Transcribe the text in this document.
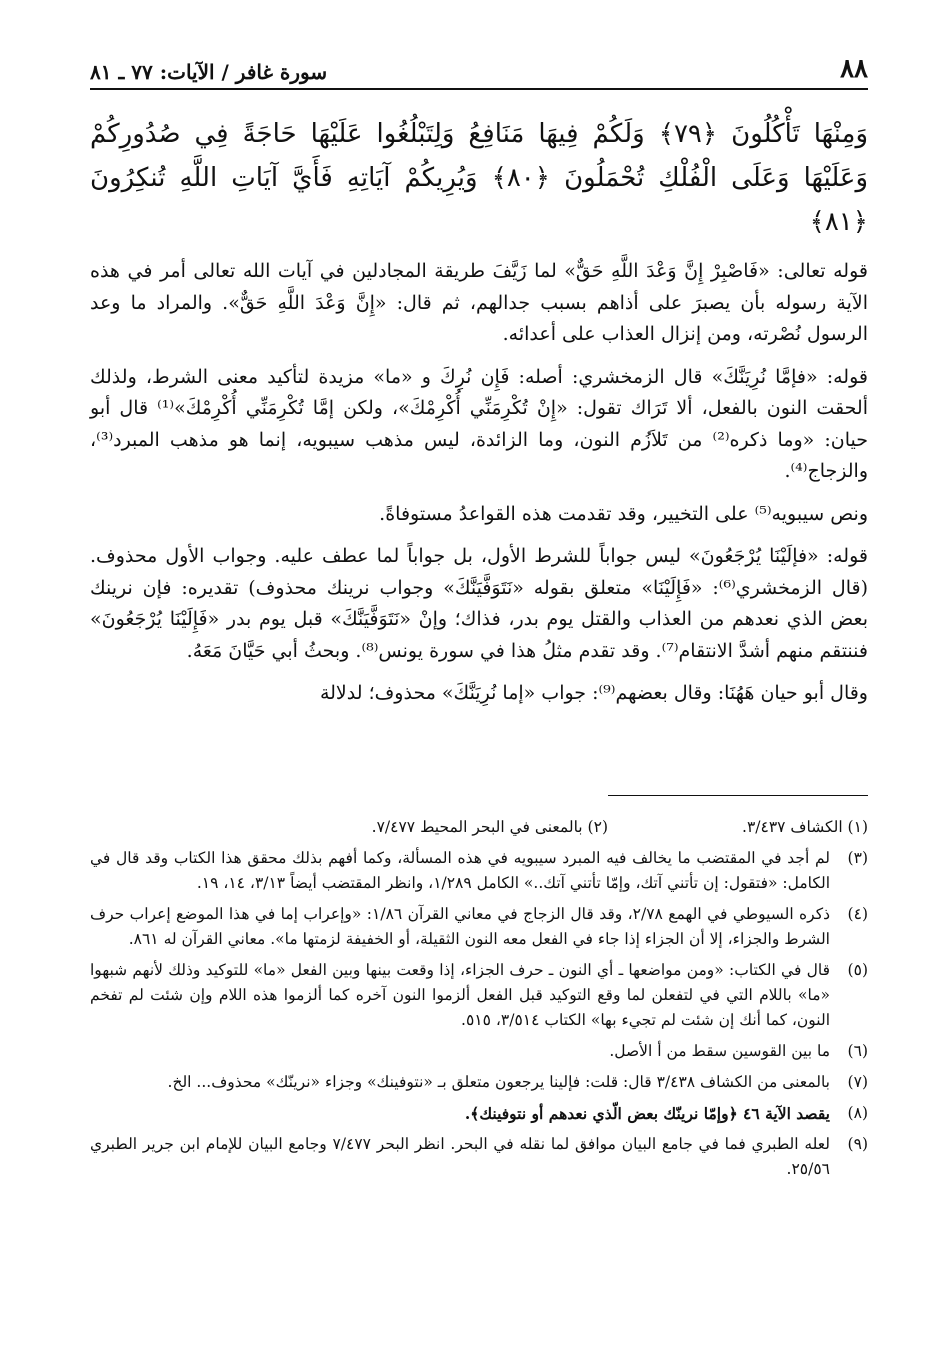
٨٨
سورة غافر / الآيات: ٧٧ ـ ٨١
وَمِنْهَا تَأْكُلُونَ ﴿٧٩﴾ وَلَكُمْ فِيهَا مَنَافِعُ وَلِتَبْلُغُوا عَلَيْهَا حَاجَةً فِي صُدُورِكُمْ وَعَلَيْهَا وَعَلَى الْفُلْكِ تُحْمَلُونَ ﴿٨٠﴾ وَيُرِيكُمْ آيَاتِهِ فَأَيَّ آيَاتِ اللَّهِ تُنكِرُونَ ﴿٨١﴾

قوله تعالى: «فَاصْبِرْ إِنَّ وَعْدَ اللَّهِ حَقٌّ» لما زَيَّفَ طريقة المجادلين في آيات الله تعالى أمر في هذه الآية رسوله بأن يصبرَ على أذاهم بسبب جدالهم، ثم قال: «إِنَّ وَعْدَ اللَّهِ حَقٌّ». والمراد ما وعد الرسول نُصْرته، ومن إنزال العذاب على أعدائه.

قوله: «فإمَّا نُرِيَنَّكَ» قال الزمخشري: أصله: فَإِن نُرِكَ و «ما» مزيدة لتأكيد معنى الشرط، ولذلك ألحقت النون بالفعل، ألا تَرَاك تقول: «إِنْ تُكْرِمَنِّي أُكْرِمْكَ»، ولكن إمَّا تُكْرِمَنِّي أُكْرِمْكَ»⁽¹⁾ قال أبو حيان: «وما ذكره⁽²⁾ من تَلاَزُم النون، وما الزائدة، ليس مذهب سيبويه، إنما هو مذهب المبرد⁽³⁾، والزجاج⁽⁴⁾.

ونص سيبويه⁽⁵⁾ على التخيير، وقد تقدمت هذه القواعدُ مستوفاةً.

قوله: «فإلَيْنَا يُرْجَعُونَ» ليس جواباً للشرط الأول، بل جواباً لما عطف عليه. وجواب الأول محذوف. (قال الزمخشري⁽⁶⁾: «فَإِلَيْنَا» متعلق بقوله «نَتَوَفَّيَنَّكَ» وجواب نرينك محذوف) تقديره: فإن نرينك بعض الذي نعدهم من العذاب والقتل يوم بدر، فذاك؛ وإنْ «نَتَوَفَّيَنَّكَ» قبل يوم بدر «فَإِلَيْنَا يُرْجَعُونَ» فننتقم منهم أشدَّ الانتقام⁽⁷⁾. وقد تقدم مثلُ هذا في سورة يونس⁽⁸⁾. وبحثُ أبي حَيَّانَ مَعَهُ.

وقال أبو حيان هَهُنَا: وقال بعضهم⁽⁹⁾: جواب «إما نُرِيَنَّكَ» محذوف؛ لدلالة

(١) الكشاف ٣/٤٣٧.
(٢) بالمعنى في البحر المحيط ٧/٤٧٧.
(٣)
لم أجد في المقتضب ما يخالف فيه المبرد سيبويه في هذه المسألة، وكما أفهم بذلك محقق هذا الكتاب وقد قال في الكامل: «فتقول: إن تأتني آتك، وإمّا تأتني آتك..» الكامل ١/٢٨٩، وانظر المقتضب أيضاً ٣/١٣، ١٤، ١٩.
(٤)
ذكره السيوطي في الهمع ٢/٧٨، وقد قال الزجاج في معاني القرآن ١/٨٦: «وإعراب إما في هذا الموضع إعراب حرف الشرط والجزاء، إلا أن الجزاء إذا جاء في الفعل معه النون الثقيلة، أو الخفيفة لزمتها ما». معاني القرآن له ٨٦١.
(٥)
قال في الكتاب: «ومن مواضعها ـ أي النون ـ حرف الجزاء، إذا وقعت بينها وبين الفعل «ما» للتوكيد وذلك لأنهم شبهوا «ما» باللام التي في لتفعلن لما وقع التوكيد قبل الفعل ألزموا النون آخره كما ألزموا هذه اللام وإن شئت لم تفخم النون، كما أنك إن شئت لم تجيء بها» الكتاب ٣/٥١٤، ٥١٥.
(٦)
ما بين القوسين سقط من أ الأصل.
(٧)
بالمعنى من الكشاف ٣/٤٣٨ قال: قلت: فإلينا يرجعون متعلق بـ «نتوفينك» وجزاء «نرينّك» محذوف... الخ.
(٨)
يقصد الآية ٤٦ ﴿وإمّا نرينّك بعض الّذي نعدهم أو نتوفينك﴾.
(٩)
لعله الطبري فما في جامع البيان موافق لما نقله في البحر. انظر البحر ٧/٤٧٧ وجامع البيان للإمام ابن جرير الطبري ٢٥/٥٦.
